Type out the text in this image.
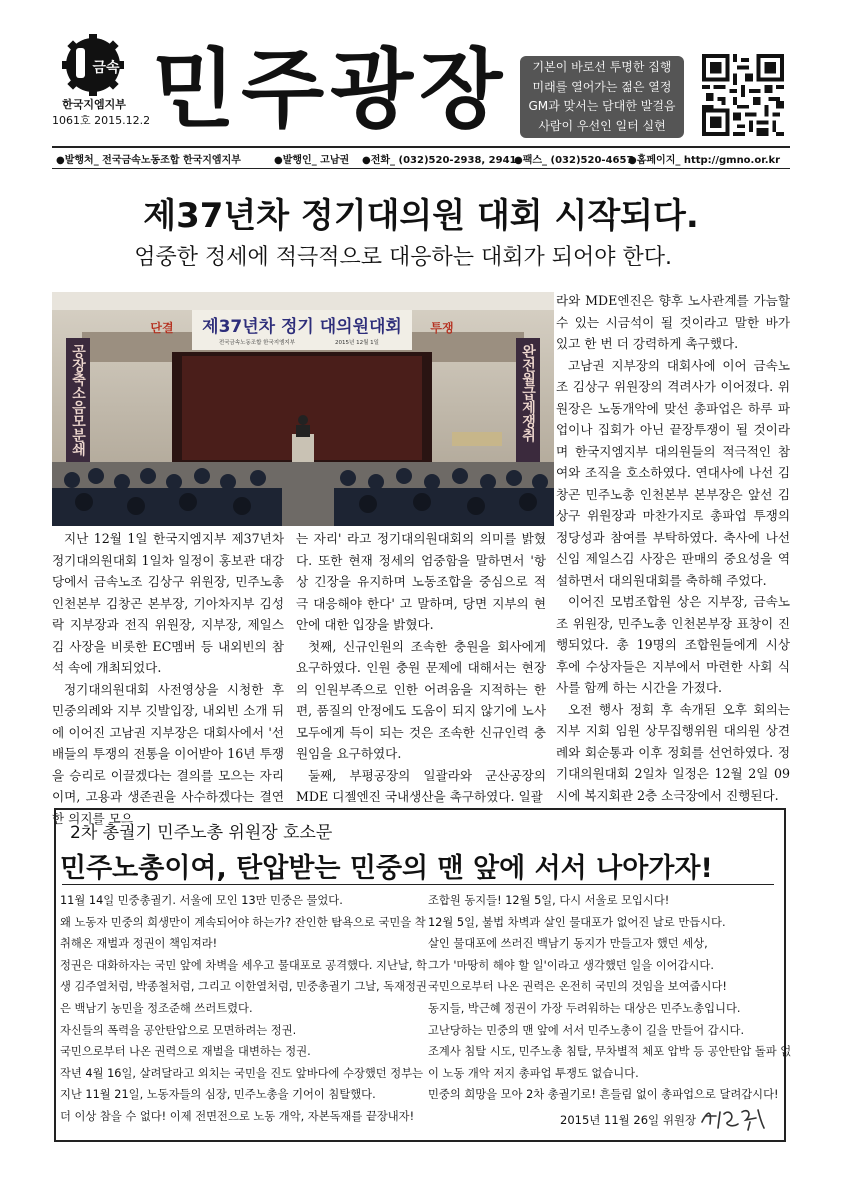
금속
한국지엠지부
1061호 2015.12.2 민주광장	기본이 바로선 투명한 집행
미래를 열어가는 젊은 열정
GM과 맞서는 담대한 발걸음
사람이 우선인 일터 실현
●발행처_ 전국금속노동조합 한국지엠지부	●발행인_ 고남권 ●전화_ (032)520-2938, 2941
●팩스_ (032)520-4657
●홈페이지_ http://gmno.or.kr
제37년차 정기대의원 대회 시작되다.
엄중한 정세에 적극적으로 대응하는 대회가 되어야 한다.
제37년차 정기 대의원대회
전국금속노동조합 한국지엠지부	2015년 12월 1일
단결	투쟁
공장축소음모분쇄	완전월급제쟁취

지난 12월 1일 한국지엠지부 제37년차 정기대의원대회 1일차 일정이 홍보관 대강당에서 금속노조 김상구 위원장, 민주노총 인천본부 김창곤 본부장, 기아차지부 김성락 지부장과 전직 위원장, 지부장, 제일스김 사장을 비롯한 EC멤버 등 내외빈의 참석 속에 개최되었다.

정기대의원대회 사전영상을 시청한 후 민중의례와 지부 깃발입장, 내외빈 소개 뒤에 이어진 고남권 지부장은 대회사에서 '선배들의 투쟁의 전통을 이어받아 16년 투쟁을 승리로 이끌겠다는 결의를 모으는 자리이며, 고용과 생존권을 사수하겠다는 결연한 의지를 모으

는 자리' 라고 정기대의원대회의 의미를 밝혔다. 또한 현재 정세의 엄중함을 말하면서 '항상 긴장을 유지하며 노동조합을 중심으로 적극 대응해야 한다' 고 말하며, 당면 지부의 현안에 대한 입장을 밝혔다.

첫째, 신규인원의 조속한 충원을 회사에게 요구하였다. 인원 충원 문제에 대해서는 현장의 인원부족으로 인한 어려움을 지적하는 한편, 품질의 안정에도 도움이 되지 않기에 노사 모두에게 득이 되는 것은 조속한 신규인력 충원임을 요구하였다.

둘째, 부평공장의 일괄라와 군산공장의 MDE 디젤엔진 국내생산을 촉구하였다. 일괄

라와 MDE엔진은 향후 노사관계를 가늠할 수 있는 시금석이 될 것이라고 말한 바가 있고 한 번 더 강력하게 촉구했다.

고남권 지부장의 대회사에 이어 금속노조 김상구 위원장의 격려사가 이어졌다. 위원장은 노동개악에 맞선 총파업은 하루 파업이나 집회가 아닌 끝장투쟁이 될 것이라며 한국지엠지부 대의원들의 적극적인 참여와 조직을 호소하였다. 연대사에 나선 김창곤 민주노총 인천본부 본부장은 앞선 김상구 위원장과 마찬가지로 총파업 투쟁의 정당성과 참여를 부탁하였다. 축사에 나선 신임 제일스김 사장은 판매의 중요성을 역설하면서 대의원대회를 축하해 주었다.

이어진 모범조합원 상은 지부장, 금속노조 위원장, 민주노총 인천본부장 표창이 진행되었다. 총 19명의 조합원들에게 시상 후에 수상자들은 지부에서 마련한 사회 식사를 함께 하는 시간을 가졌다.

오전 행사 정회 후 속개된 오후 회의는 지부 지회 임원 상무집행위원 대의원 상견례와 회순통과 이후 정회를 선언하였다. 정기대의원대회 2일차 일정은 12월 2일 09시에 복지회관 2층 소극장에서 진행된다.

2차 총궐기 민주노총 위원장 호소문
민주노총이여, 탄압받는 민중의 맨 앞에 서서 나아가자!
11월 14일 민중총궐기. 서울에 모인 13만 민중은 물었다.
왜 노동자 민중의 희생만이 계속되어야 하는가? 잔인한 탐욕으로 국민을 착
취해온 재벌과 정권이 책임져라!
정권은 대화하자는 국민 앞에 차벽을 세우고 물대포로 공격했다. 지난날, 학
생 김주열처럼, 박종철처럼, 그리고 이한열처럼, 민중총궐기 그날, 독재정권
은 백남기 농민을 정조준해 쓰러트렸다.
자신들의 폭력을 공안탄압으로 모면하려는 정권.
국민으로부터 나온 권력으로 재벌을 대변하는 정권.
작년 4월 16일, 살려달라고 외치는 국민을 진도 앞바다에 수장했던 정부는
지난 11월 21일, 노동자들의 심장, 민주노총을 기어이 침탈했다.
더 이상 참을 수 없다! 이제 전면전으로 노동 개악, 자본독재를 끝장내자!
조합원 동지들! 12월 5일, 다시 서울로 모입시다!
12월 5일, 불법 차벽과 살인 물대포가 없어진 날로 만듭시다.
살인 물대포에 쓰러진 백남기 동지가 만들고자 했던 세상,
그가 '마땅히 해야 할 일'이라고 생각했던 일을 이어갑시다.
국민으로부터 나온 권력은 온전히 국민의 것임을 보여줍시다!
동지들, 박근혜 정권이 가장 두려워하는 대상은 민주노총입니다.
고난당하는 민중의 맨 앞에 서서 민주노총이 길을 만들어 갑시다.
조계사 침탈 시도, 민주노총 침탈, 무차별적 체포 압박 등 공안탄압 돌파 없
이 노동 개악 저지 총파업 투쟁도 없습니다.
민중의 희망을 모아 2차 총궐기로! 흔들림 없이 총파업으로 달려갑시다!
2015년 11월 26일 위원장
